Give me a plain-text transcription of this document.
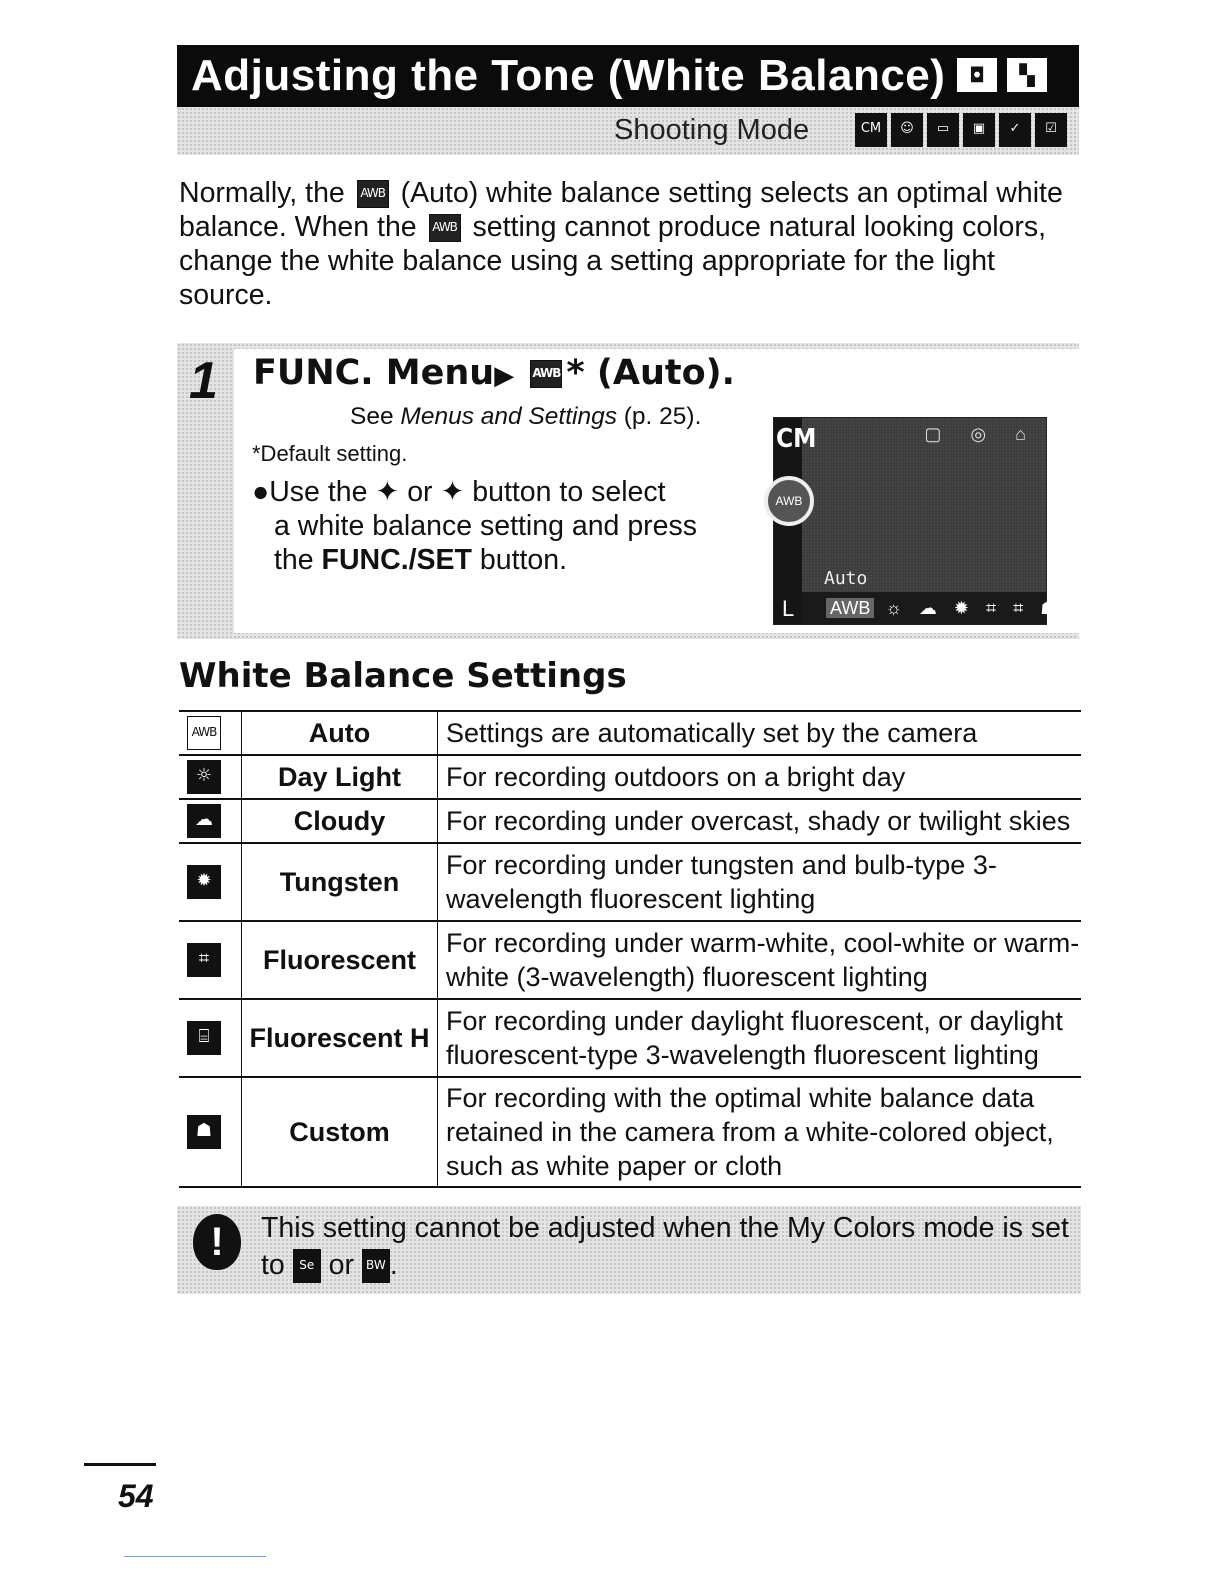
Adjusting the Tone (White Balance)	◘	▚
Shooting Mode	CM	☺	▭	▣	✓	☑

Normally, the AWB (Auto) white balance setting selects an optimal white balance. When the AWB setting cannot produce natural looking colors, change the white balance using a setting appropriate for the light source.

1 FUNC. Menu▶ AWB * (Auto).
See Menus and Settings (p. 25).
*Default setting.

●Use the ✦ or ✦ button to select
a white balance setting and press
the FUNC./SET button.

CM
AWB
▢ ◎ ⌂
Auto
AWB ☼ ☁ ✹ ⌗ ⌗ ☗
L
White Balance Settings
AWB	Auto	Settings are automatically set by the camera
☼	Day Light	For recording outdoors on a bright day
☁	Cloudy	For recording under overcast, shady or twilight skies
✹	Tungsten	For recording under tungsten and bulb-type 3-wavelength fluorescent lighting
⌗	Fluorescent	For recording under warm-white, cool-white or warm-white (3-wavelength) fluorescent lighting
⌸	Fluorescent H	For recording under daylight fluorescent, or daylight fluorescent-type 3-wavelength fluorescent lighting
☗	Custom	For recording with the optimal white balance data retained in the camera from a white-colored object, such as white paper or cloth
!	This setting cannot be adjusted when the My Colors mode is set to Se or BW .

54
